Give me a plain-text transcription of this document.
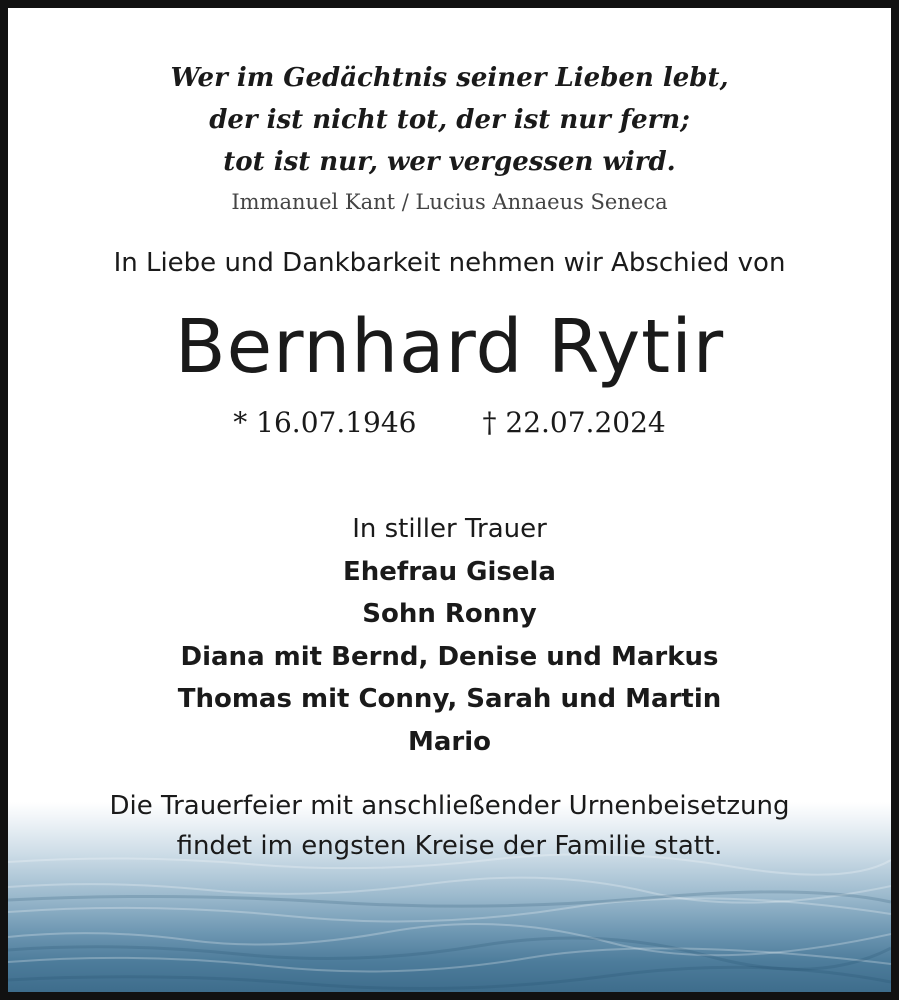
Wer im Gedächtnis seiner Lieben lebt,
der ist nicht tot, der ist nur fern;
tot ist nur, wer vergessen wird.
Immanuel Kant / Lucius Annaeus Seneca
In Liebe und Dankbarkeit nehmen wir Abschied von
Bernhard Rytir
* 16.07.1946 † 22.07.2024
In stiller Trauer
Ehefrau Gisela
Sohn Ronny
Diana mit Bernd, Denise und Markus
Thomas mit Conny, Sarah und Martin
Mario
Die Trauerfeier mit anschließender Urnenbeisetzung
findet im engsten Kreise der Familie statt.
